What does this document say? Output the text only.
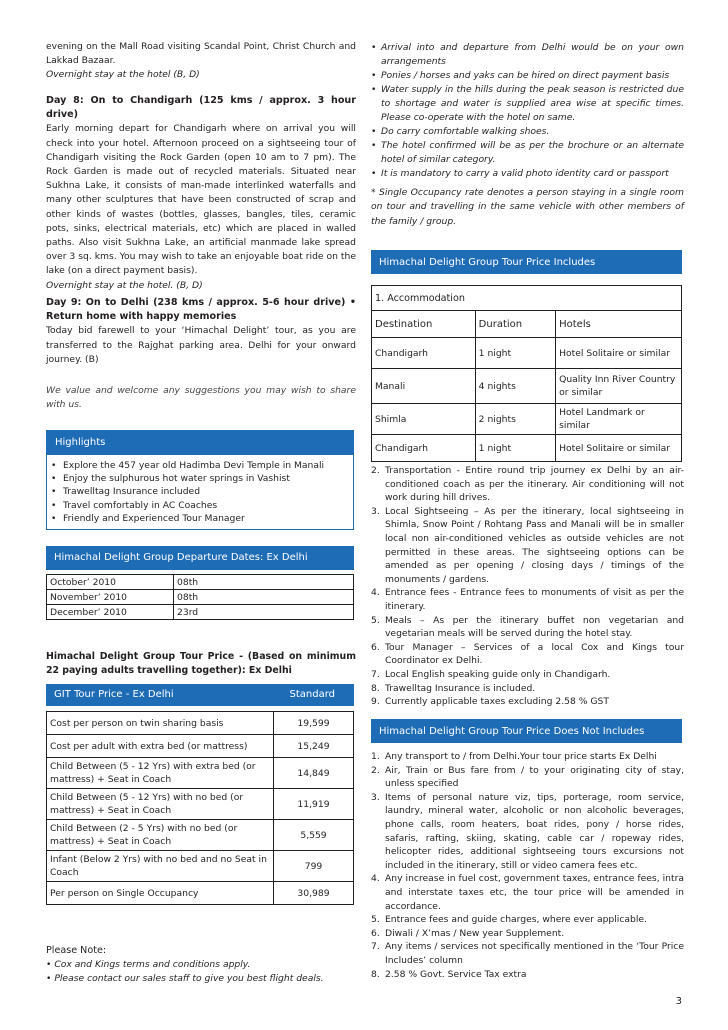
evening on the Mall Road visiting Scandal Point, Christ Church and Lakkad Bazaar.

Overnight stay at the hotel (B, D)

Day 8: On to Chandigarh (125 kms / approx. 3 hour drive)

Early morning depart for Chandigarh where on arrival you will check into your hotel. Afternoon proceed on a sightseeing tour of Chandigarh visiting the Rock Garden (open 10 am to 7 pm). The Rock Garden is made out of recycled materials. Situated near Sukhna Lake, it consists of man-made interlinked waterfalls and many other sculptures that have been constructed of scrap and other kinds of wastes (bottles, glasses, bangles, tiles, ceramic pots, sinks, electrical materials, etc) which are placed in walled paths. Also visit Sukhna Lake, an artificial manmade lake spread over 3 sq. kms. You may wish to take an enjoyable boat ride on the lake (on a direct payment basis).

Overnight stay at the hotel. (B, D)

Day 9: On to Delhi (238 kms / approx. 5-6 hour drive) • Return home with happy memories

Today bid farewell to your ‘Himachal Delight’ tour, as you are transferred to the Rajghat parking area. Delhi for your onward journey. (B)

We value and welcome any suggestions you may wish to share with us.

Highlights
• Explore the 457 year old Hadimba Devi Temple in Manali
• Enjoy the sulphurous hot water springs in Vashist
• Trawelltag Insurance included
• Travel comfortably in AC Coaches
• Friendly and Experienced Tour Manager
Himachal Delight Group Departure Dates: Ex Delhi
October’ 2010	08th
November’ 2010	08th
December’ 2010	23rd

Himachal Delight Group Tour Price - (Based on minimum 22 paying adults travelling together): Ex Delhi

GIT Tour Price - Ex Delhi	Standard
Cost per person on twin sharing basis	19,599
Cost per adult with extra bed (or mattress)	15,249
Child Between (5 - 12 Yrs) with extra bed (or mattress) + Seat in Coach	14,849
Child Between (5 - 12 Yrs) with no bed (or mattress) + Seat in Coach	11,919
Child Between (2 - 5 Yrs) with no bed (or mattress) + Seat in Coach	5,559
Infant (Below 2 Yrs) with no bed and no Seat in Coach	799
Per person on Single Occupancy	30,989

Please Note:

• Cox and Kings terms and conditions apply.

• Please contact our sales staff to give you best flight deals.

• Arrival into and departure from Delhi would be on your own arrangements
• Ponies / horses and yaks can be hired on direct payment basis
• Water supply in the hills during the peak season is restricted due to shortage and water is supplied area wise at specific times. Please co-operate with the hotel on same.
• Do carry comfortable walking shoes.
• The hotel confirmed will be as per the brochure or an alternate hotel of similar category.
• It is mandatory to carry a valid photo identity card or passport

* Single Occupancy rate denotes a person staying in a single room on tour and travelling in the same vehicle with other members of the family / group.

Himachal Delight Group Tour Price Includes
1. Accommodation		
Destination	Duration	Hotels
Chandigarh	1 night	Hotel Solitaire or similar
Manali	4 nights	Quality Inn River Country or similar
Shimla	2 nights	Hotel Landmark or similar
Chandigarh	1 night	Hotel Solitaire or similar
2. Transportation - Entire round trip journey ex Delhi by an air-conditioned coach as per the itinerary. Air conditioning will not work during hill drives.
3. Local Sightseeing – As per the itinerary, local sightseeing in Shimla, Snow Point / Rohtang Pass and Manali will be in smaller local non air-conditioned vehicles as outside vehicles are not permitted in these areas. The sightseeing options can be amended as per opening / closing days / timings of the monuments / gardens.
4. Entrance fees - Entrance fees to monuments of visit as per the itinerary.
5. Meals – As per the itinerary buffet non vegetarian and vegetarian meals will be served during the hotel stay.
6. Tour Manager – Services of a local Cox and Kings tour Coordinator ex Delhi.
7. Local English speaking guide only in Chandigarh.
8. Trawelltag Insurance is included.
9. Currently applicable taxes excluding 2.58 % GST
Himachal Delight Group Tour Price Does Not Includes
1. Any transport to / from Delhi.Your tour price starts Ex Delhi
2. Air, Train or Bus fare from / to your originating city of stay, unless specified
3. Items of personal nature viz, tips, porterage, room service, laundry, mineral water, alcoholic or non alcoholic beverages, phone calls, room heaters, boat rides, pony / horse rides, safaris, rafting, skiing, skating, cable car / ropeway rides, helicopter rides, additional sightseeing tours excursions not included in the itinerary, still or video camera fees etc.
4. Any increase in fuel cost, government taxes, entrance fees, intra and interstate taxes etc, the tour price will be amended in accordance.
5. Entrance fees and guide charges, where ever applicable.
6. Diwali / X’mas / New year Supplement.
7. Any items / services not specifically mentioned in the ‘Tour Price Includes’ column
8. 2.58 % Govt. Service Tax extra
3
